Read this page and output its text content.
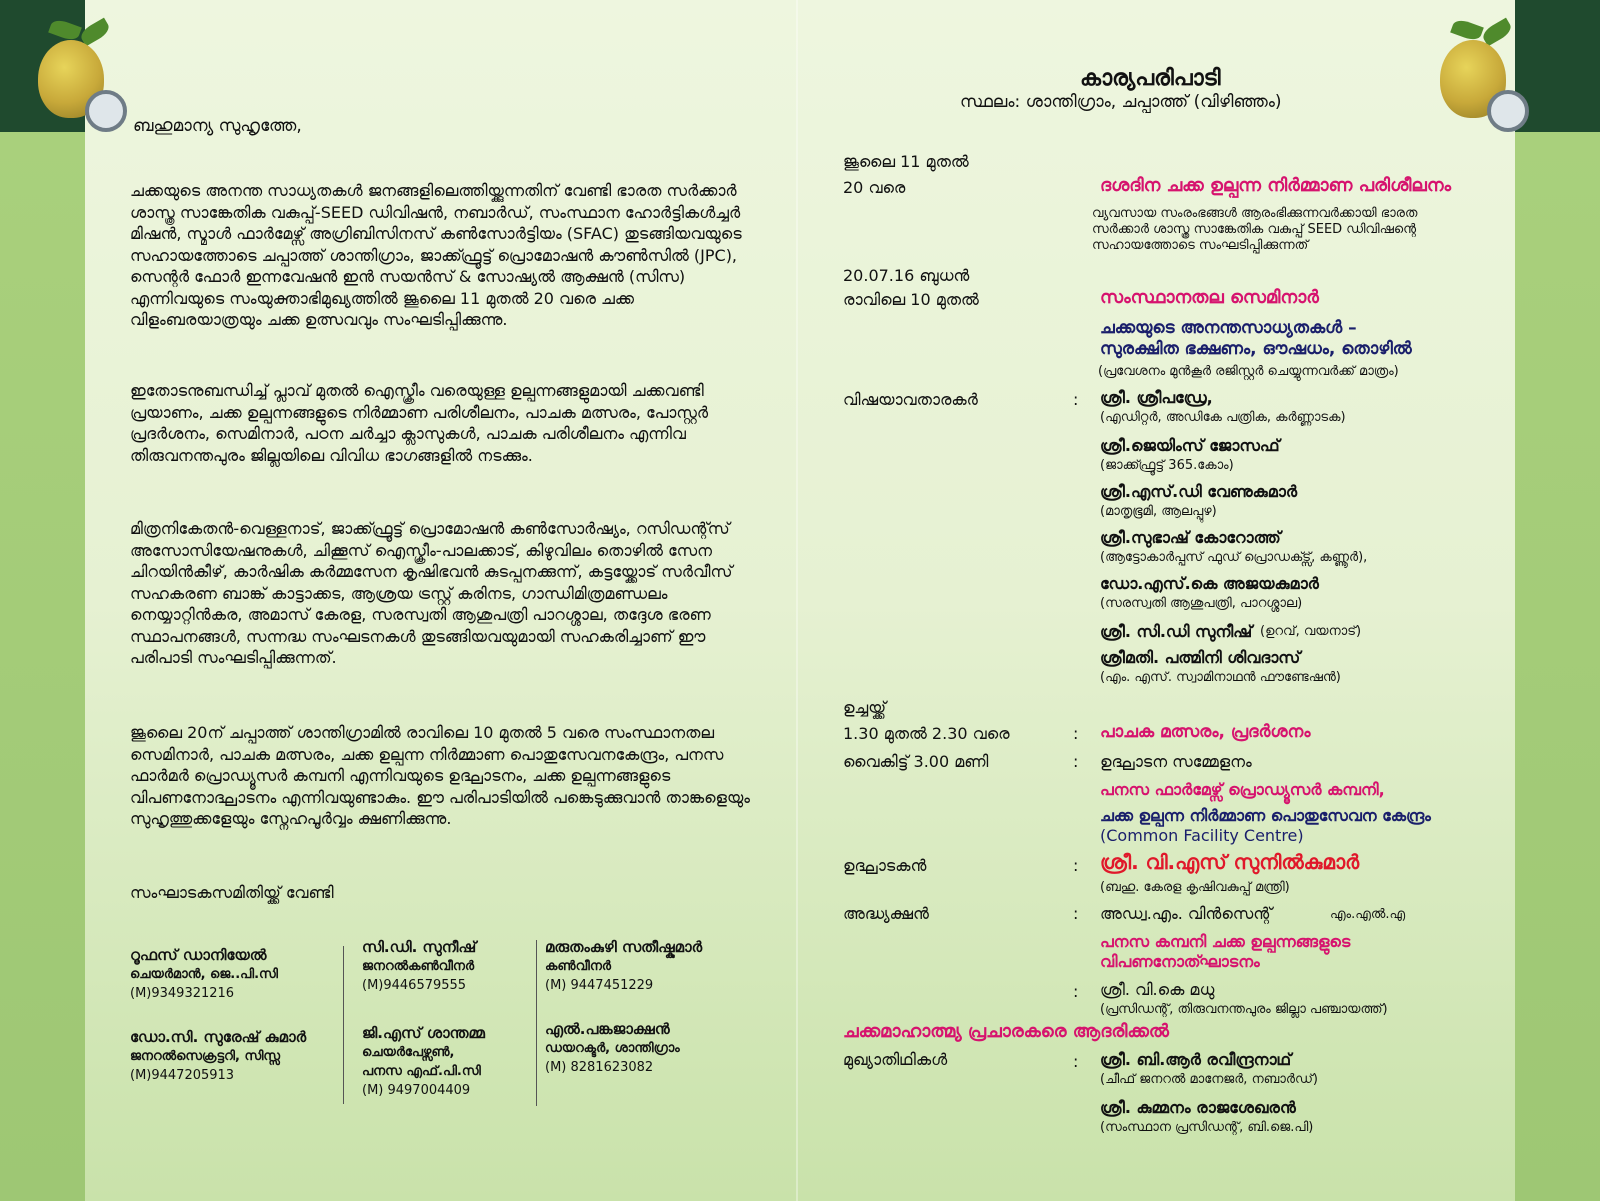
ബഹുമാന്യ സുഹൃത്തേ,

ചക്കയുടെ അനന്ത സാധ്യതകൾ ജനങ്ങളിലെത്തിയ്ക്കുന്നതിന് വേണ്ടി ഭാരത സർക്കാർ ശാസ്ത്ര സാങ്കേതിക വകുപ്പ്-SEED ഡിവിഷൻ, നബാർഡ്, സംസ്ഥാന ഹോർട്ടികൾച്ചർ മിഷൻ, സ്മാൾ ഫാർമേഴ്സ് അഗ്രിബിസിനസ് കൺസോർട്ടിയം (SFAC) തുടങ്ങിയവയുടെ സഹായത്തോടെ ചപ്പാത്ത് ശാന്തിഗ്രാം, ജാക്ക്ഫ്രൂട്ട് പ്രൊമോഷൻ കൗൺസിൽ (JPC), സെന്റർ ഫോർ ഇന്നവേഷൻ ഇൻ സയൻസ് & സോഷ്യൽ ആക്ഷൻ (സിസ) എന്നിവയുടെ സംയുക്താഭിമുഖ്യത്തിൽ ജൂലൈ 11 മുതൽ 20 വരെ ചക്ക വിളംബരയാത്രയും ചക്ക ഉത്സവവും സംഘടിപ്പിക്കുന്നു.

ഇതോടനുബന്ധിച്ച് പ്ലാവ് മുതൽ ഐസ്ക്രീം വരെയുള്ള ഉല്പന്നങ്ങളുമായി ചക്കവണ്ടി പ്രയാണം, ചക്ക ഉല്പന്നങ്ങളുടെ നിർമ്മാണ പരിശീലനം, പാചക മത്സരം, പോസ്റ്റർ പ്രദർശനം, സെമിനാർ, പഠന ചർച്ചാ ക്ലാസുകൾ, പാചക പരിശീലനം എന്നിവ തിരുവനന്തപുരം ജില്ലയിലെ വിവിധ ഭാഗങ്ങളിൽ നടക്കും.

മിത്രനികേതൻ-വെള്ളനാട്, ജാക്ക്ഫ്രൂട്ട് പ്രൊമോഷൻ കൺസോർഷ്യം, റസിഡന്റ്സ് അസോസിയേഷനുകൾ, ചിക്കൂസ് ഐസ്ക്രീം-പാലക്കാട്, കിഴുവിലം തൊഴിൽ സേന ചിറയിൻകീഴ്, കാർഷിക കർമ്മസേന കൃഷിഭവൻ കുടപ്പനക്കുന്ന്, കട്ടയ്ക്കോട് സർവീസ് സഹകരണ ബാങ്ക് കാട്ടാക്കട, ആശ്രയ ട്രസ്റ്റ് കരിനട, ഗാന്ധിമിത്രമണ്ഡലം നെയ്യാറ്റിൻകര, അമാസ് കേരള, സരസ്വതി ആശുപത്രി പാറശ്ശാല, തദ്ദേശ ഭരണ സ്ഥാപനങ്ങൾ, സന്നദ്ധ സംഘടനകൾ തുടങ്ങിയവയുമായി സഹകരിച്ചാണ് ഈ പരിപാടി സംഘടിപ്പിക്കുന്നത്.

ജൂലൈ 20ന് ചപ്പാത്ത് ശാന്തിഗ്രാമിൽ രാവിലെ 10 മുതൽ 5 വരെ സംസ്ഥാനതല സെമിനാർ, പാചക മത്സരം, ചക്ക ഉല്പന്ന നിർമ്മാണ പൊതുസേവനകേന്ദ്രം, പനസ ഫാർമർ പ്രൊഡ്യൂസർ കമ്പനി എന്നിവയുടെ ഉദ്ഘാടനം, ചക്ക ഉല്പന്നങ്ങളുടെ വിപണനോദ്ഘാടനം എന്നിവയുണ്ടാകും. ഈ പരിപാടിയിൽ പങ്കെടുക്കുവാൻ താങ്കളെയും സുഹൃത്തുക്കളേയും സ്നേഹപൂർവ്വം ക്ഷണിക്കുന്നു.

സംഘാടകസമിതിയ്ക്ക് വേണ്ടി
റൂഫസ് ഡാനിയേൽ
ചെയർമാൻ, ജെ..പി.സി
(M)9349321216
ഡോ.സി. സുരേഷ് കുമാർ
ജനറൽസെക്രട്ടറി, സിസ്സ
(M)9447205913
സി.ഡി. സുനീഷ്
ജനറൽകൺവീനർ
(M)9446579555
ജി.എസ് ശാന്തമ്മ
ചെയർപേഴ്സൺ,
പനസ എഫ്.പി.സി
(M) 9497004409
മരുതംകുഴി സതീഷ്കുമാർ
കൺവീനർ
(M) 9447451229
എൽ.പങ്കജാക്ഷൻ
ഡയറക്ടർ, ശാന്തിഗ്രാം
(M) 8281623082
കാര്യപരിപാടി
സ്ഥലം: ശാന്തിഗ്രാം, ചപ്പാത്ത് (വിഴിഞ്ഞം)
ജൂലൈ 11 മുതൽ
20 വരെ	ദശദിന ചക്ക ഉല്പന്ന നിർമ്മാണ പരിശീലനം
വ്യവസായ സംരംഭങ്ങൾ ആരംഭിക്കുന്നവർക്കായി ഭാരത
സർക്കാർ ശാസ്ത്ര സാങ്കേതിക വകുപ്പ് SEED ഡിവിഷന്റെ
സഹായത്തോടെ സംഘടിപ്പിക്കുന്നത്
20.07.16 ബുധൻ
രാവിലെ 10 മുതൽ	സംസ്ഥാനതല സെമിനാർ
ചക്കയുടെ അനന്തസാധ്യതകൾ –
സുരക്ഷിത ഭക്ഷണം, ഔഷധം, തൊഴിൽ
(പ്രവേശനം മുൻകൂർ രജിസ്റ്റർ ചെയ്യുന്നവർക്ക് മാത്രം)
വിഷയാവതാരകർ	: ശ്രീ. ശ്രീപഡ്രേ,
(എഡിറ്റർ, അഡികേ പത്രിക, കർണ്ണാടക)
ശ്രീ.ജെയിംസ് ജോസഫ്
(ജാക്ക്ഫ്രൂട്ട് 365.കോം)
ശ്രീ.എസ്.ഡി വേണുകുമാർ
(മാതൃഭൂമി, ആലപ്പുഴ)
ശ്രീ.സുഭാഷ് കോറോത്ത്
(ആട്ടോകാർപ്പസ് ഫുഡ് പ്രൊഡക്ട്സ്, കണ്ണൂർ),
ഡോ.എസ്.കെ അജയകുമാർ
(സരസ്വതി ആശുപത്രി, പാറശ്ശാല)
ശ്രീ. സി.ഡി സുനീഷ് (ഉറവ്, വയനാട്)
ശ്രീമതി. പത്മിനി ശിവദാസ്
(എം. എസ്. സ്വാമിനാഥൻ ഫൗണ്ടേഷൻ)
ഉച്ചയ്ക്ക്
1.30 മുതൽ 2.30 വരെ	: പാചക മത്സരം, പ്രദർശനം
വൈകിട്ട് 3.00 മണി	: ഉദ്ഘാടന സമ്മേളനം
പനസ ഫാർമേഴ്സ് പ്രൊഡ്യൂസർ കമ്പനി,
ചക്ക ഉല്പന്ന നിർമ്മാണ പൊതുസേവന കേന്ദ്രം
(Common Facility Centre)
ഉദ്ഘാടകൻ	: ശ്രീ. വി.എസ് സുനിൽകുമാർ
(ബഹു. കേരള കൃഷിവകുപ്പ് മന്ത്രി)
അദ്ധ്യക്ഷൻ	: അഡ്വ.എം. വിൻസെന്റ്	എം.എൽ.എ
പനസ കമ്പനി ചക്ക ഉല്പന്നങ്ങളുടെ
വിപണനോത്ഘാടനം
: ശ്രീ. വി.കെ മധു
(പ്രസിഡന്റ്, തിരുവനന്തപുരം ജില്ലാ പഞ്ചായത്ത്)
ചക്കമാഹാത്മ്യ പ്രചാരകരെ ആദരിക്കൽ
മുഖ്യാതിഥികൾ	: ശ്രീ. ബി.ആർ രവീന്ദ്രനാഥ്
(ചീഫ് ജനറൽ മാനേജർ, നബാർഡ്)
ശ്രീ. കുമ്മനം രാജശേഖരൻ
(സംസ്ഥാന പ്രസിഡന്റ്, ബി.ജെ.പി)
